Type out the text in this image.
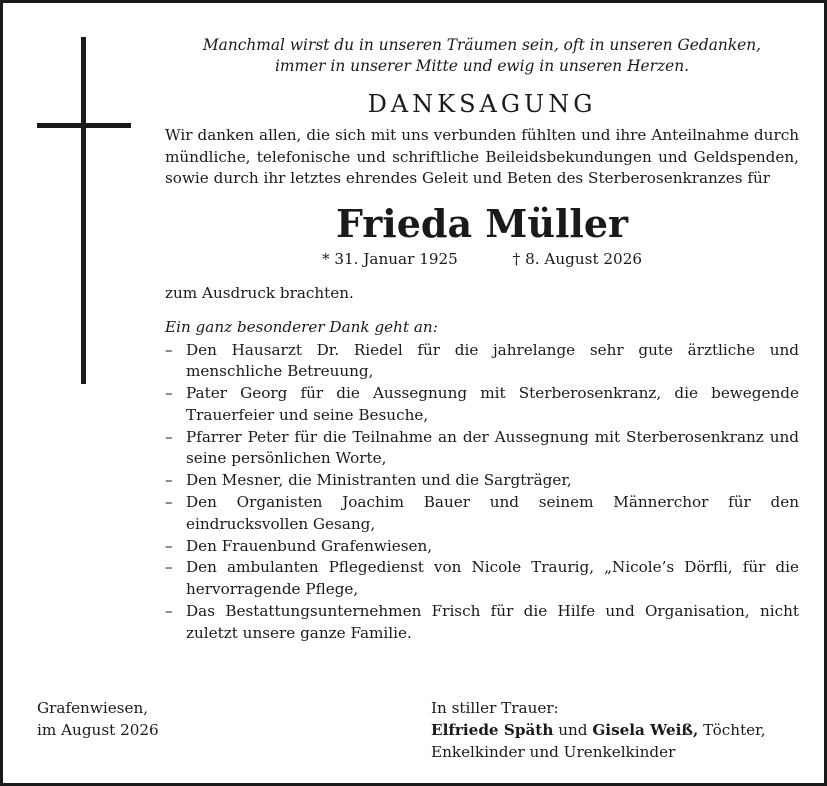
Manchmal wirst du in unseren Träumen sein, oft in unseren Gedanken,
immer in unserer Mitte und ewig in unseren Herzen.
DANKSAGUNG
Wir danken allen, die sich mit uns verbunden fühlten und ihre Anteilnahme durch mündliche, telefonische und schriftliche Beileidsbekundungen und Geldspenden, sowie durch ihr letztes ehrendes Geleit und Beten des Sterberosenkranzes für
Frieda Müller
* 31. Januar 1925	† 8. August 2026
zum Ausdruck brachten.
Ein ganz besonderer Dank geht an:
– Den Hausarzt Dr. Riedel für die jahrelange sehr gute ärztliche und menschliche Betreuung,
– Pater Georg für die Aussegnung mit Sterberosenkranz, die bewegende Trauerfeier und seine Besuche,
– Pfarrer Peter für die Teilnahme an der Aussegnung mit Sterberosenkranz und seine persönlichen Worte,
– Den Mesner, die Ministranten und die Sargträger,
– Den Organisten Joachim Bauer und seinem Männerchor für den eindrucksvollen Gesang,
– Den Frauenbund Grafenwiesen,
– Den ambulanten Pflegedienst von Nicole Traurig, „Nicole’s Dörfli, für die hervorragende Pflege,
– Das Bestattungsunternehmen Frisch für die Hilfe und Organisation, nicht zuletzt unsere ganze Familie.
Grafenwiesen,
im August 2026
In stiller Trauer:
Elfriede Späth und Gisela Weiß, Töchter,
Enkelkinder und Urenkelkinder
